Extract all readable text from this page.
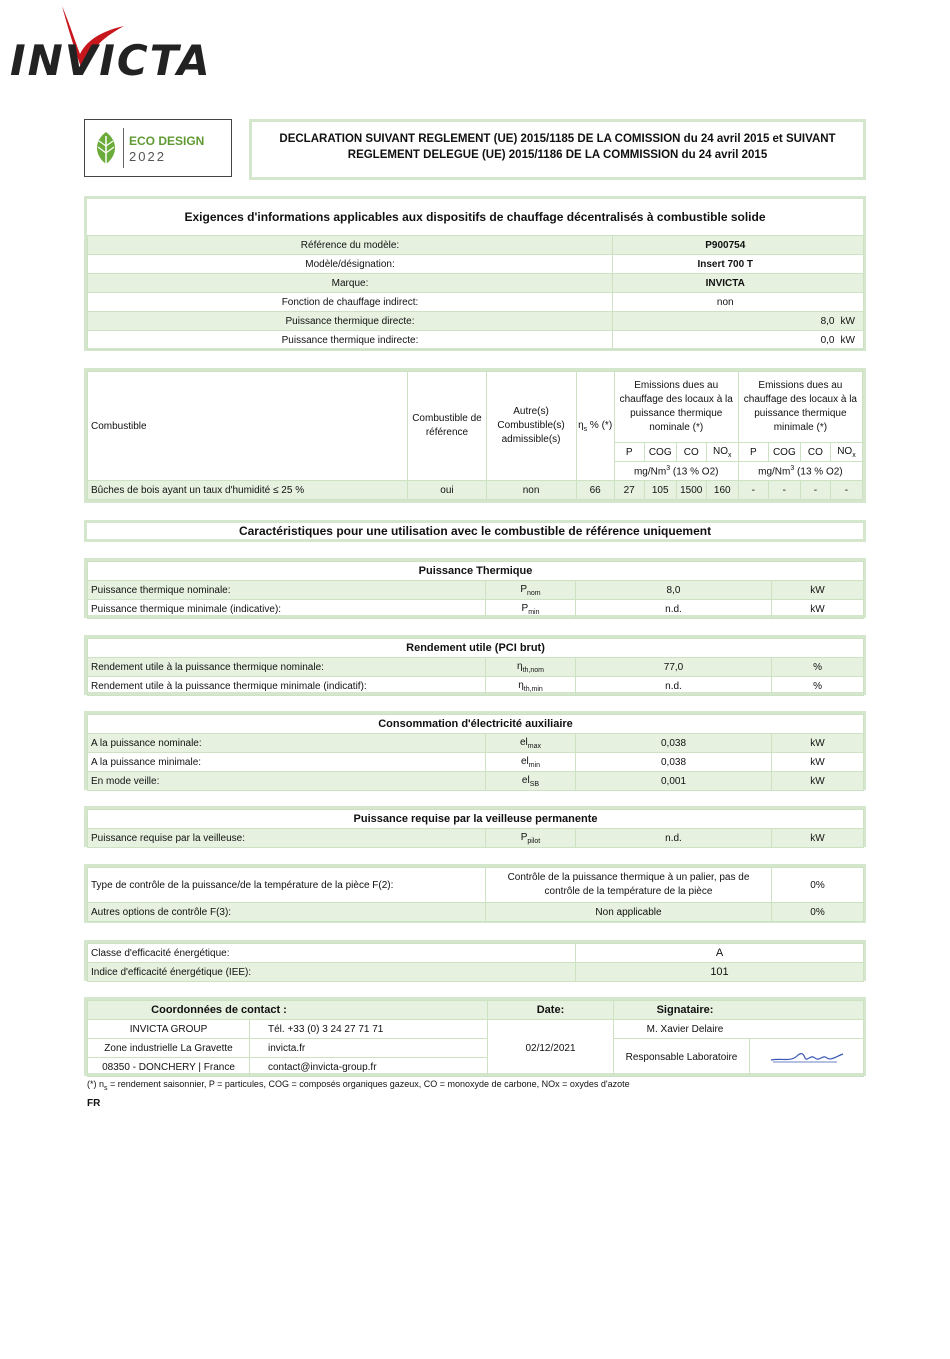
INVICTA
ECO DESIGN
2022
DECLARATION SUIVANT REGLEMENT (UE) 2015/1185 DE LA COMISSION du 24 avril 2015 et SUIVANT
REGLEMENT DELEGUE (UE) 2015/1186 DE LA COMMISSION du 24 avril 2015
Exigences d'informations applicables aux dispositifs de chauffage décentralisés à combustible solide
Référence du modèle:	P900754	
Modèle/désignation:	Insert 700 T	
Marque:	INVICTA	
Fonction de chauffage indirect:	non	
Puissance thermique directe:	8,0	kW
Puissance thermique indirecte:	0,0	kW
Combustible	Combustible de référence	Autre(s) Combustible(s) admissible(s)	$\eta_s$ % (*)	Emissions dues au chauffage des locaux à la puissance thermique nominale (*)				Emissions dues au chauffage des locaux à la puissance thermique minimale (*)			
				P	COG	CO	$NO_x$	P	COG	CO	$NO_x$
				mg/Nm$^3$ (13 % O2)				mg/Nm$^3$ (13 % O2)			
Bûches de bois ayant un taux d'humidité ≤ 25 %	oui	non	66	27	105	1500	160	-	-	-	-
Caractéristiques pour une utilisation avec le combustible de référence uniquement
Puissance Thermique			
Puissance thermique nominale:	$P_{nom}$	8,0	kW
Puissance thermique minimale (indicative):	$P_{min}$	n.d.	kW
Rendement utile (PCI brut)			
Rendement utile à la puissance thermique nominale:	$\eta_{th,nom}$	77,0	%
Rendement utile à la puissance thermique minimale (indicatif):	$\eta_{th,min}$	n.d.	%
Consommation d'électricité auxiliaire			
A la puissance nominale:	$el_{max}$	0,038	kW
A la puissance minimale:	$el_{min}$	0,038	kW
En mode veille:	$el_{SB}$	0,001	kW
Puissance requise par la veilleuse permanente
Puissance requise par la veilleuse:	$P_{pilot}$	n.d.	kW
Type de contrôle de la puissance/de la température de la pièce F(2):	Contrôle de la puissance thermique à un palier, pas de contrôle de la température de la pièce	0%
Autres options de contrôle F(3):	Non applicable	0%
Classe d'efficacité énergétique:	A
Indice d'efficacité énergétique (IEE):	101
Coordonnées de contact :		Date:	Signataire:	
INVICTA GROUP	Tél. +33 (0) 3 24 27 71 71	02/12/2021	M. Xavier Delaire	
Zone industrielle La Gravette	invicta.fr		Responsable Laboratoire	
08350 - DONCHERY | France	contact@invicta-group.fr			
(*) $n_s$ = rendement saisonnier, P = particules, COG = composés organiques gazeux, CO = monoxyde de carbone, NOx = oxydes d'azote
FR
